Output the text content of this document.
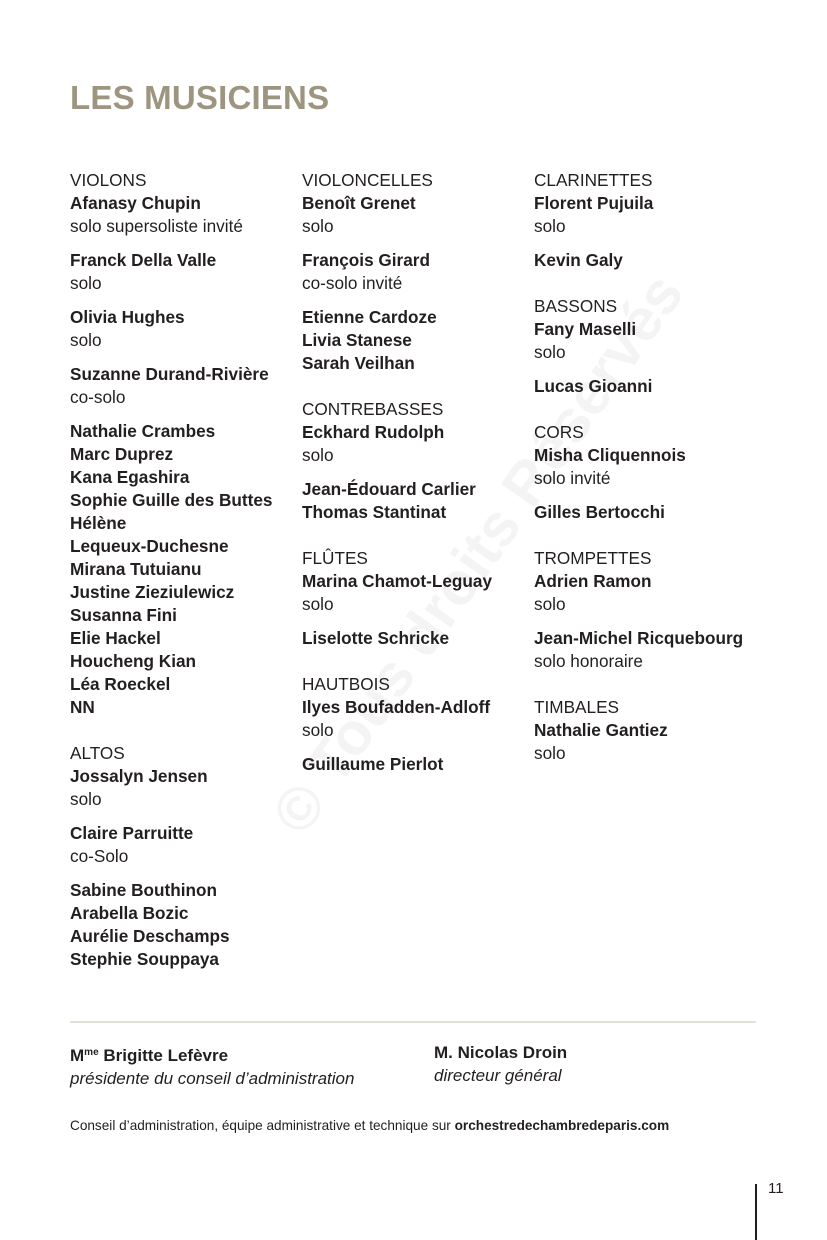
LES MUSICIENS
VIOLONS
Afanasy Chupin
solo supersoliste invité
Franck Della Valle
solo
Olivia Hughes
solo
Suzanne Durand-Rivière
co-solo
Nathalie Crambes
Marc Duprez
Kana Egashira
Sophie Guille des Buttes
Hélène
Lequeux-Duchesne
Mirana Tutuianu
Justine Zieziulewicz
Susanna Fini
Elie Hackel
Houcheng Kian
Léa Roeckel
NN
ALTOS
Jossalyn Jensen
solo
Claire Parruitte
co-Solo
Sabine Bouthinon
Arabella Bozic
Aurélie Deschamps
Stephie Souppaya
VIOLONCELLES
Benoît Grenet
solo
François Girard
co-solo invité
Etienne Cardoze
Livia Stanese
Sarah Veilhan
CONTREBASSES
Eckhard Rudolph
solo
Jean-Édouard Carlier
Thomas Stantinat
FLÛTES
Marina Chamot-Leguay
solo
Liselotte Schricke
HAUTBOIS
Ilyes Boufadden-Adloff
solo
Guillaume Pierlot
CLARINETTES
Florent Pujuila
solo
Kevin Galy
BASSONS
Fany Maselli
solo
Lucas Gioanni
CORS
Misha Cliquennois
solo invité
Gilles Bertocchi
TROMPETTES
Adrien Ramon
solo
Jean-Michel Ricquebourg
solo honoraire
TIMBALES
Nathalie Gantiez
solo
$M^{me}$ Brigitte Lefèvre
présidente du conseil d’administration
M. Nicolas Droin
directeur général
Conseil d’administration, équipe administrative et technique sur orchestredechambredeparis.com
11
